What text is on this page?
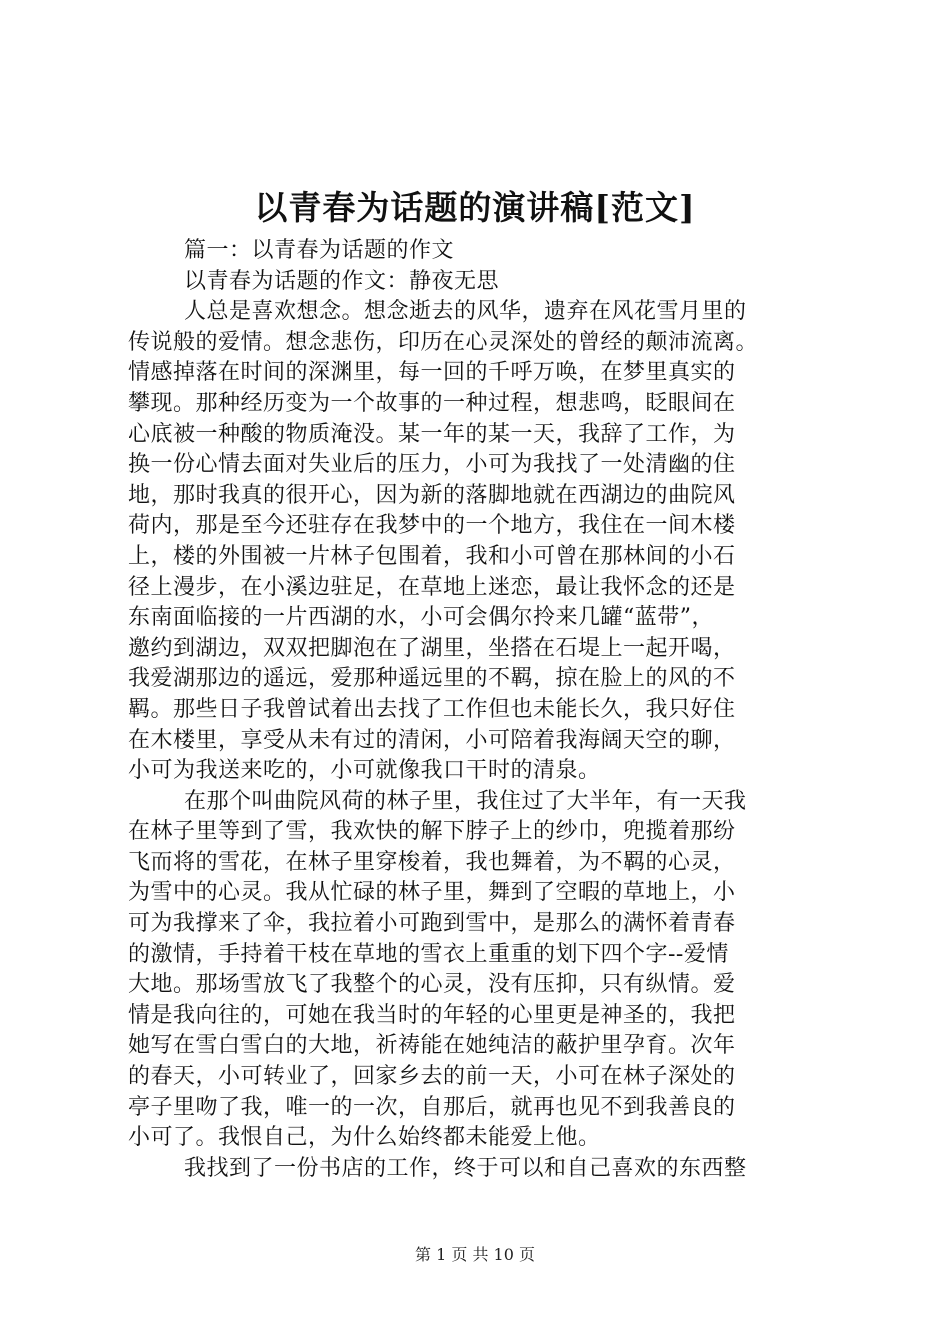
以青春为话题的演讲稿[范文]
篇一：以青春为话题的作文
以青春为话题的作文：静夜无思
人总是喜欢想念。想念逝去的风华，遗弃在风花雪月里的
传说般的爱情。想念悲伤，印历在心灵深处的曾经的颠沛流离。
情感掉落在时间的深渊里，每一回的千呼万唤，在梦里真实的
攀现。那种经历变为一个故事的一种过程，想悲鸣，眨眼间在
心底被一种酸的物质淹没。某一年的某一天，我辞了工作，为
换一份心情去面对失业后的压力，小可为我找了一处清幽的住
地，那时我真的很开心，因为新的落脚地就在西湖边的曲院风
荷内，那是至今还驻存在我梦中的一个地方，我住在一间木楼
上，楼的外围被一片林子包围着，我和小可曾在那林间的小石
径上漫步，在小溪边驻足，在草地上迷恋，最让我怀念的还是
东南面临接的一片西湖的水，小可会偶尔拎来几罐“蓝带”，
邀约到湖边，双双把脚泡在了湖里，坐搭在石堤上一起开喝，
我爱湖那边的遥远，爱那种遥远里的不羁，掠在脸上的风的不
羁。那些日子我曾试着出去找了工作但也未能长久，我只好住
在木楼里，享受从未有过的清闲，小可陪着我海阔天空的聊，
小可为我送来吃的，小可就像我口干时的清泉。
在那个叫曲院风荷的林子里，我住过了大半年，有一天我
在林子里等到了雪，我欢快的解下脖子上的纱巾，兜揽着那纷
飞而将的雪花，在林子里穿梭着，我也舞着，为不羁的心灵，
为雪中的心灵。我从忙碌的林子里，舞到了空暇的草地上，小
可为我撑来了伞，我拉着小可跑到雪中，是那么的满怀着青春
的激情，手持着干枝在草地的雪衣上重重的划下四个字--爱情
大地。那场雪放飞了我整个的心灵，没有压抑，只有纵情。爱
情是我向往的，可她在我当时的年轻的心里更是神圣的，我把
她写在雪白雪白的大地，祈祷能在她纯洁的蔽护里孕育。次年
的春天，小可转业了，回家乡去的前一天，小可在林子深处的
亭子里吻了我，唯一的一次，自那后，就再也见不到我善良的
小可了。我恨自己，为什么始终都未能爱上他。
我找到了一份书店的工作，终于可以和自己喜欢的东西整
第 1 页 共 10 页
